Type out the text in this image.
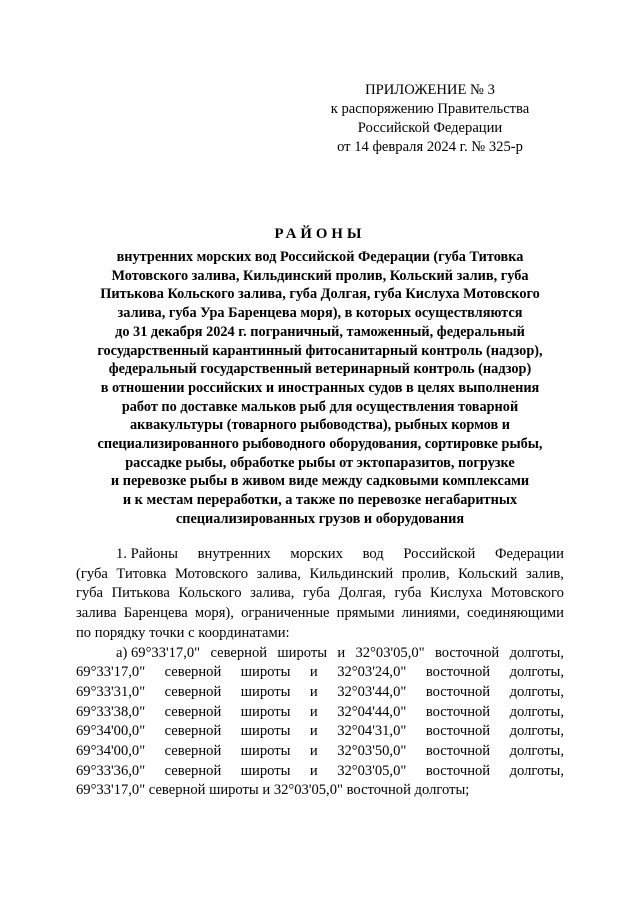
ПРИЛОЖЕНИЕ № 3
к распоряжению Правительства
Российской Федерации
от 14 февраля 2024 г. № 325-р
РАЙОНЫ
внутренних морских вод Российской Федерации (губа Титовка
Мотовского залива, Кильдинский пролив, Кольский залив, губа
Питькова Кольского залива, губа Долгая, губа Кислуха Мотовского
залива, губа Ура Баренцева моря), в которых осуществляются
до 31 декабря 2024 г. пограничный, таможенный, федеральный
государственный карантинный фитосанитарный контроль (надзор),
федеральный государственный ветеринарный контроль (надзор)
в отношении российских и иностранных судов в целях выполнения
работ по доставке мальков рыб для осуществления товарной
аквакультуры (товарного рыбоводства), рыбных кормов и
специализированного рыбоводного оборудования, сортировке рыбы,
рассадке рыбы, обработке рыбы от эктопаразитов, погрузке
и перевозке рыбы в живом виде между садковыми комплексами
и к местам переработки, а также по перевозке негабаритных
специализированных грузов и оборудования
1. Районы внутренних морских вод Российской Федерации
(губа Титовка Мотовского залива, Кильдинский пролив, Кольский залив,
губа Питькова Кольского залива, губа Долгая, губа Кислуха Мотовского
залива Баренцева моря), ограниченные прямыми линиями, соединяющими
по порядку точки с координатами:
а) 69°33'17,0" северной широты и 32°03'05,0" восточной долготы,
69°33'17,0" северной широты и 32°03'24,0" восточной долготы,
69°33'31,0" северной широты и 32°03'44,0" восточной долготы,
69°33'38,0" северной широты и 32°04'44,0" восточной долготы,
69°34'00,0" северной широты и 32°04'31,0" восточной долготы,
69°34'00,0" северной широты и 32°03'50,0" восточной долготы,
69°33'36,0" северной широты и 32°03'05,0" восточной долготы,
69°33'17,0" северной широты и 32°03'05,0" восточной долготы;
